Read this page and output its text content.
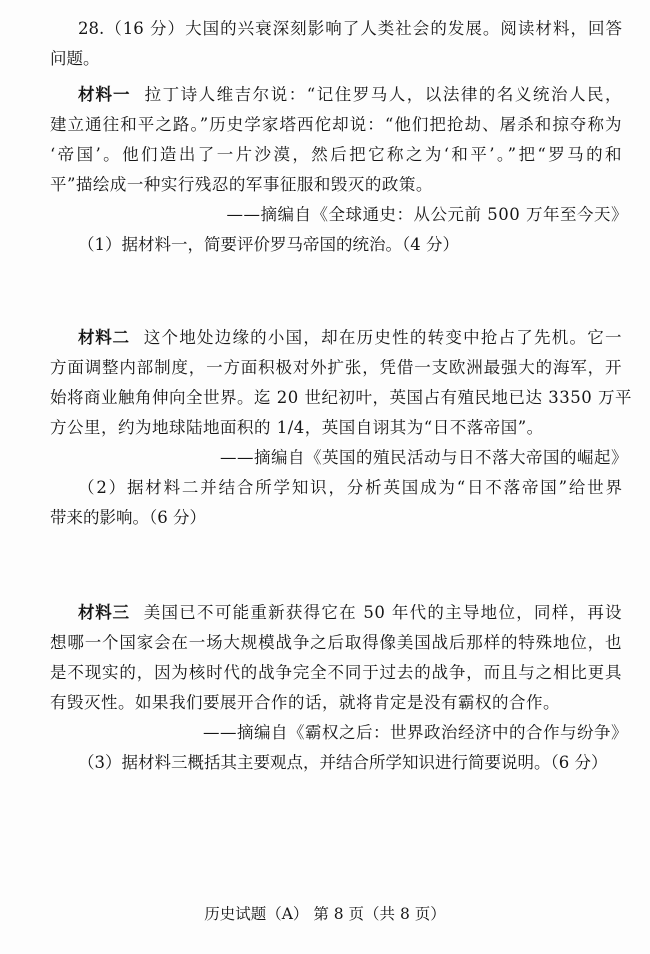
28.（16 分）大国的兴衰深刻影响了人类社会的发展。阅读材料，回答
问题。
材料一 拉丁诗人维吉尔说：“记住罗马人，以法律的名义统治人民，
建立通往和平之路。”历史学家塔西佗却说：“他们把抢劫、屠杀和掠夺称为
‘帝国’。他们造出了一片沙漠，然后把它称之为‘和平’。”把“罗马的和
平”描绘成一种实行残忍的军事征服和毁灭的政策。
——摘编自《全球通史：从公元前 500 万年至今天》
（1）据材料一，简要评价罗马帝国的统治。（4 分）
材料二 这个地处边缘的小国，却在历史性的转变中抢占了先机。它一
方面调整内部制度，一方面积极对外扩张，凭借一支欧洲最强大的海军，开
始将商业触角伸向全世界。迄 20 世纪初叶，英国占有殖民地已达 3350 万平
方公里，约为地球陆地面积的 1/4，英国自诩其为“日不落帝国”。
——摘编自《英国的殖民活动与日不落大帝国的崛起》
（2）据材料二并结合所学知识，分析英国成为“日不落帝国”给世界
带来的影响。（6 分）
材料三 美国已不可能重新获得它在 50 年代的主导地位，同样，再设
想哪一个国家会在一场大规模战争之后取得像美国战后那样的特殊地位，也
是不现实的，因为核时代的战争完全不同于过去的战争，而且与之相比更具
有毁灭性。如果我们要展开合作的话，就将肯定是没有霸权的合作。
——摘编自《霸权之后：世界政治经济中的合作与纷争》
（3）据材料三概括其主要观点，并结合所学知识进行简要说明。（6 分）
历史试题（A） 第 8 页（共 8 页）
